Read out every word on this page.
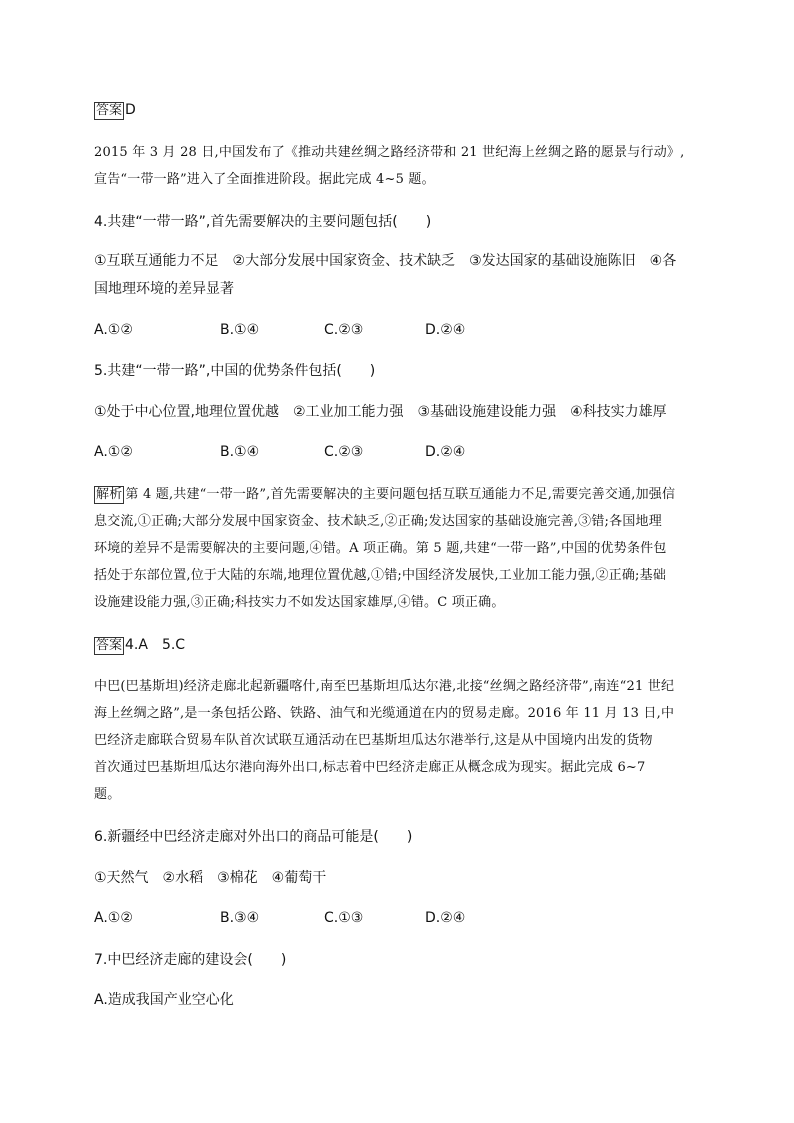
答案 D
2015 年 3 月 28 日,中国发布了《推动共建丝绸之路经济带和 21 世纪海上丝绸之路的愿景与行动》,
宣告“一带一路”进入了全面推进阶段。据此完成 4~5 题。
4.共建“一带一路”,首先需要解决的主要问题包括(　　)
①互联互通能力不足　②大部分发展中国家资金、技术缺乏　③发达国家的基础设施陈旧　④各
国地理环境的差异显著
A.①②	B.①④	C.②③	D.②④
5.共建“一带一路”,中国的优势条件包括(　　)
①处于中心位置,地理位置优越　②工业加工能力强　③基础设施建设能力强　④科技实力雄厚
A.①②	B.①④	C.②③	D.②④
解析 第 4 题,共建“一带一路”,首先需要解决的主要问题包括互联互通能力不足,需要完善交通,加强信
息交流,①正确;大部分发展中国家资金、技术缺乏,②正确;发达国家的基础设施完善,③错;各国地理
环境的差异不是需要解决的主要问题,④错。A 项正确。第 5 题,共建“一带一路”,中国的优势条件包
括处于东部位置,位于大陆的东端,地理位置优越,①错;中国经济发展快,工业加工能力强,②正确;基础
设施建设能力强,③正确;科技实力不如发达国家雄厚,④错。C 项正确。
答案 4.A　5.C
中巴(巴基斯坦)经济走廊北起新疆喀什,南至巴基斯坦瓜达尔港,北接“丝绸之路经济带”,南连“21 世纪
海上丝绸之路”,是一条包括公路、铁路、油气和光缆通道在内的贸易走廊。2016 年 11 月 13 日,中
巴经济走廊联合贸易车队首次试联互通活动在巴基斯坦瓜达尔港举行,这是从中国境内出发的货物
首次通过巴基斯坦瓜达尔港向海外出口,标志着中巴经济走廊正从概念成为现实。据此完成 6~7
题。
6.新疆经中巴经济走廊对外出口的商品可能是(　　)
①天然气　②水稻　③棉花　④葡萄干
A.①②	B.③④	C.①③	D.②④
7.中巴经济走廊的建设会(　　)
A.造成我国产业空心化
